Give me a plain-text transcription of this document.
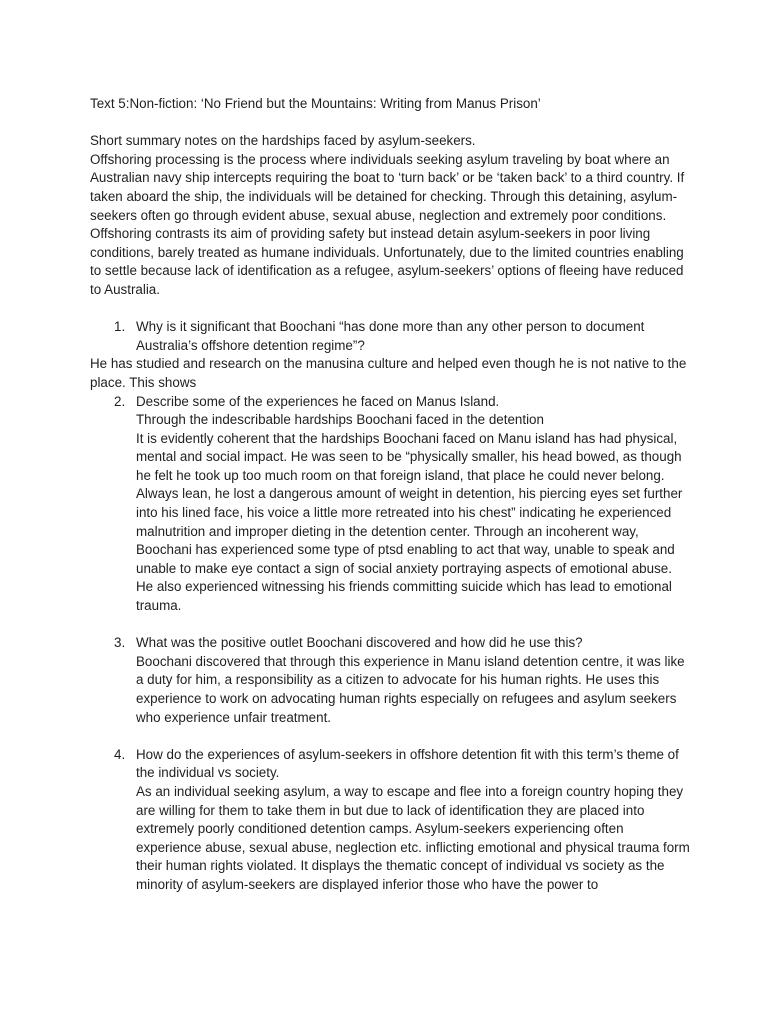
Text 5:Non-fiction: ‘No Friend but the Mountains: Writing from Manus Prison’

Short summary notes on the hardships faced by asylum-seekers.

Offshoring processing is the process where individuals seeking asylum traveling by boat where an Australian navy ship intercepts requiring the boat to ‘turn back’ or be ‘taken back’ to a third country. If taken aboard the ship, the individuals will be detained for checking. Through this detaining, asylum-seekers often go through evident abuse, sexual abuse, neglection and extremely poor conditions. Offshoring contrasts its aim of providing safety but instead detain asylum-seekers in poor living conditions, barely treated as humane individuals. Unfortunately, due to the limited countries enabling to settle because lack of identification as a refugee, asylum-seekers’ options of fleeing have reduced to Australia.

1. Why is it significant that Boochani “has done more than any other person to document Australia’s offshore detention regime”?

He has studied and research on the manusina culture and helped even though he is not native to the place. This shows

2. Describe some of the experiences he faced on Manus Island.

Through the indescribable hardships Boochani faced in the detention

It is evidently coherent that the hardships Boochani faced on Manu island has had physical, mental and social impact. He was seen to be “physically smaller, his head bowed, as though he felt he took up too much room on that foreign island, that place he could never belong. Always lean, he lost a dangerous amount of weight in detention, his piercing eyes set further into his lined face, his voice a little more retreated into his chest” indicating he experienced malnutrition and improper dieting in the detention center. Through an incoherent way, Boochani has experienced some type of ptsd enabling to act that way, unable to speak and unable to make eye contact a sign of social anxiety portraying aspects of emotional abuse. He also experienced witnessing his friends committing suicide which has lead to emotional trauma.

3. What was the positive outlet Boochani discovered and how did he use this?

Boochani discovered that through this experience in Manu island detention centre, it was like a duty for him, a responsibility as a citizen to advocate for his human rights. He uses this experience to work on advocating human rights especially on refugees and asylum seekers who experience unfair treatment.

4. How do the experiences of asylum-seekers in offshore detention fit with this term’s theme of the individual vs society.

As an individual seeking asylum, a way to escape and flee into a foreign country hoping they are willing for them to take them in but due to lack of identification they are placed into extremely poorly conditioned detention camps. Asylum-seekers experiencing often experience abuse, sexual abuse, neglection etc. inflicting emotional and physical trauma form their human rights violated. It displays the thematic concept of individual vs society as the minority of asylum-seekers are displayed inferior those who have the power to
